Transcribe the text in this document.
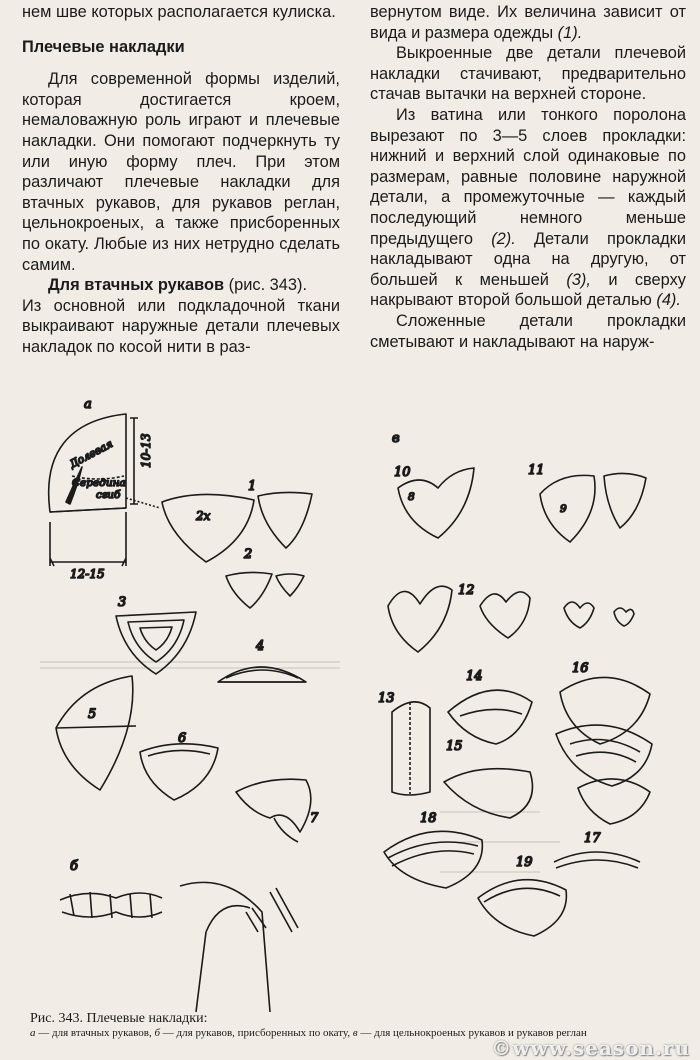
нем шве которых располагается кулиска.

Плечевые накладки

Для современной формы изделий, которая достигается кроем, немаловажную роль играют и плечевые накладки. Они помогают подчеркнуть ту или иную форму плеч. При этом различают плечевые накладки для втачных рукавов, для рукавов реглан, цельнокроеных, а также присборенных по окату. Любые из них нетрудно сделать самим.

Для втачных рукавов (рис. 343).

Из основной или подкладочной ткани выкраивают наружные детали плечевых накладок по косой нити в раз-

вернутом виде. Их величина зависит от вида и размера одежды (1).

Выкроенные две детали плечевой накладки стачивают, предварительно стачав вытачки на верхней стороне.

Из ватина или тонкого поролона вырезают по 3—5 слоев прокладки: нижний и верхний слой одинаковые по размерам, равные половине наружной детали, а промежуточные — каждый последующий немного меньше предыдущего (2). Детали прокладки накладывают одна на другую, от большей к меньшей (3), и сверху накрывают второй большой деталью (4).

Сложенные детали прокладки сметывают и накладывают на наруж-

а
Долевая
Середина
сгиб
10-13
12-15
2х
1
2
3
4
5
6
7
б
в
10	11
12
13
14
15
16
17
18
19
8
9
Рис. 343. Плечевые накладки:
а — для втачных рукавов, б — для рукавов, присборенных по окату, в — для цельнокроеных рукавов и рукавов реглан
©www.season.ru
